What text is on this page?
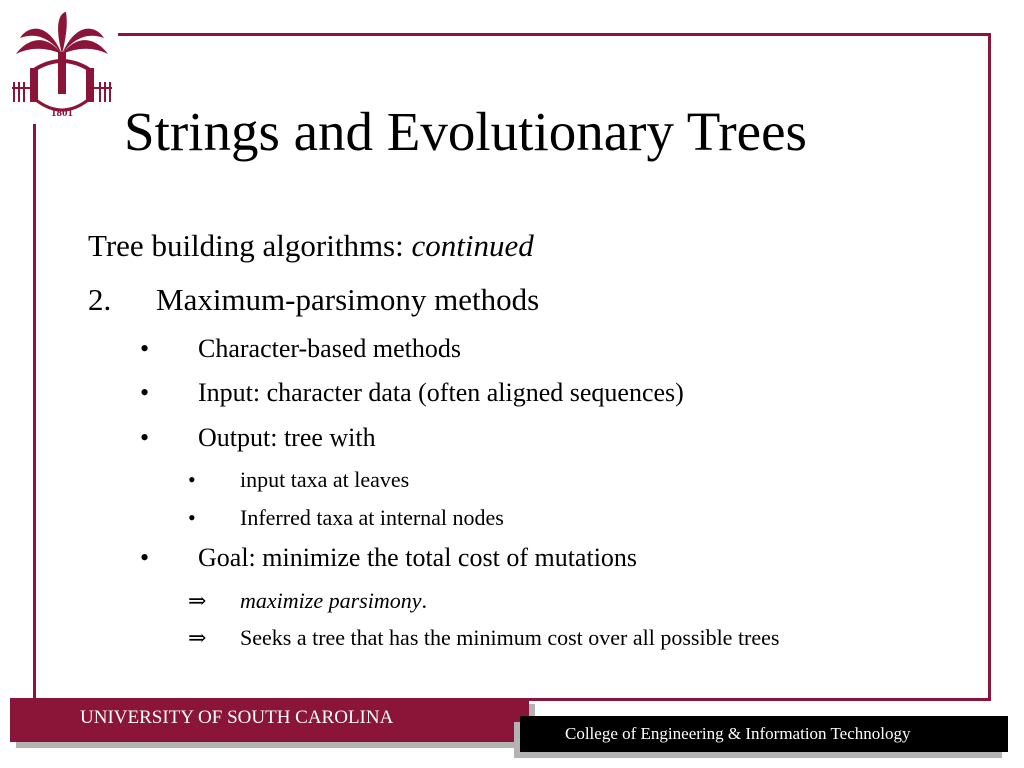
1801 Strings and Evolutionary Trees

Tree building algorithms: continued

2. Maximum-parsimony methods
• Character-based methods
• Input: character data (often aligned sequences)
• Output: tree with
• input taxa at leaves
• Inferred taxa at internal nodes
• Goal: minimize the total cost of mutations
⇒ maximize parsimony.
⇒ Seeks a tree that has the minimum cost over all possible trees
UNIVERSITY OF SOUTH CAROLINA
College of Engineering & Information Technology
